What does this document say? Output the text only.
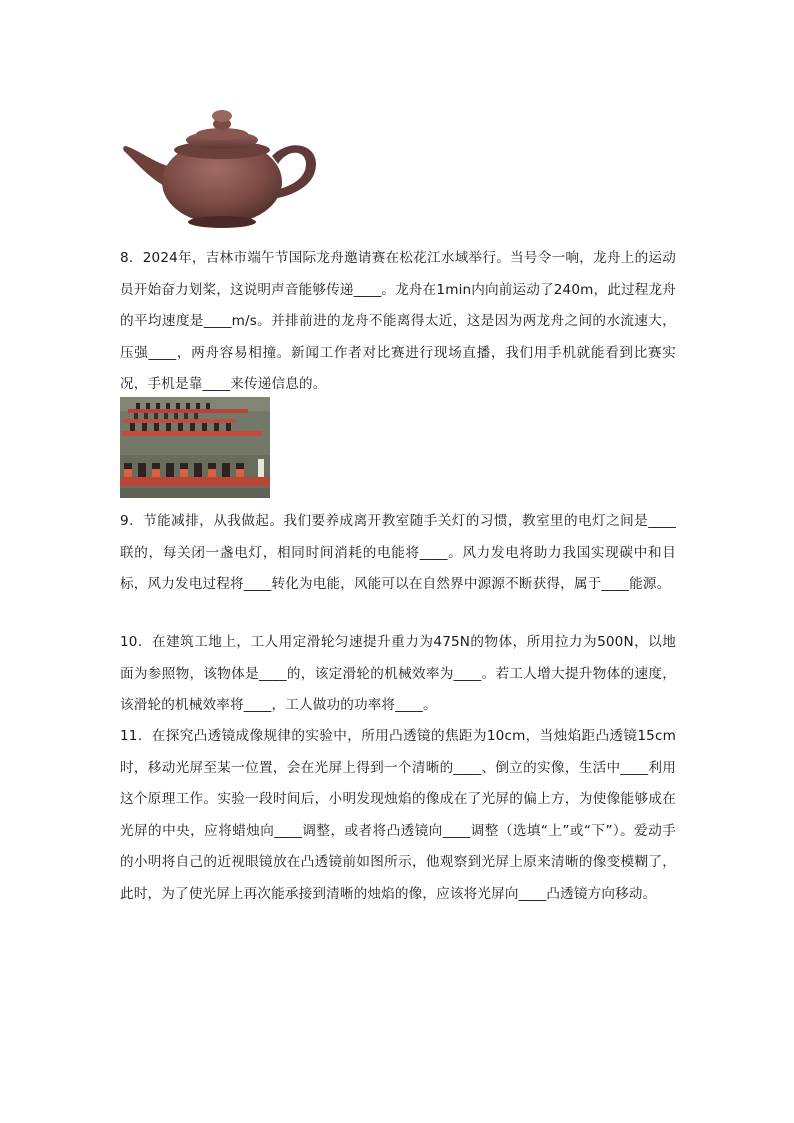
8．2024年，吉林市端午节国际龙舟邀请赛在松花江水域举行。当号令一响，龙舟上的运动员开始奋力划桨，这说明声音能够传递____。龙舟在1min内向前运动了240m，此过程龙舟的平均速度是____m/s。并排前进的龙舟不能离得太近，这是因为两龙舟之间的水流速大，压强____，两舟容易相撞。新闻工作者对比赛进行现场直播，我们用手机就能看到比赛实况，手机是靠____来传递信息的。
9．节能减排，从我做起。我们要养成离开教室随手关灯的习惯，教室里的电灯之间是____联的，每关闭一盏电灯，相同时间消耗的电能将____。风力发电将助力我国实现碳中和目标，风力发电过程将____转化为电能，风能可以在自然界中源源不断获得，属于____能源。
10．在建筑工地上，工人用定滑轮匀速提升重力为475N的物体，所用拉力为500N，以地面为参照物，该物体是____的，该定滑轮的机械效率为____。若工人增大提升物体的速度，该滑轮的机械效率将____，工人做功的功率将____。
11．在探究凸透镜成像规律的实验中，所用凸透镜的焦距为10cm，当烛焰距凸透镜15cm时，移动光屏至某一位置，会在光屏上得到一个清晰的____、倒立的实像，生活中____利用这个原理工作。实验一段时间后，小明发现烛焰的像成在了光屏的偏上方，为使像能够成在光屏的中央，应将蜡烛向____调整，或者将凸透镜向____调整（选填“上”或“下”）。爱动手的小明将自己的近视眼镜放在凸透镜前如图所示，他观察到光屏上原来清晰的像变模糊了，此时，为了使光屏上再次能承接到清晰的烛焰的像，应该将光屏向____凸透镜方向移动。
